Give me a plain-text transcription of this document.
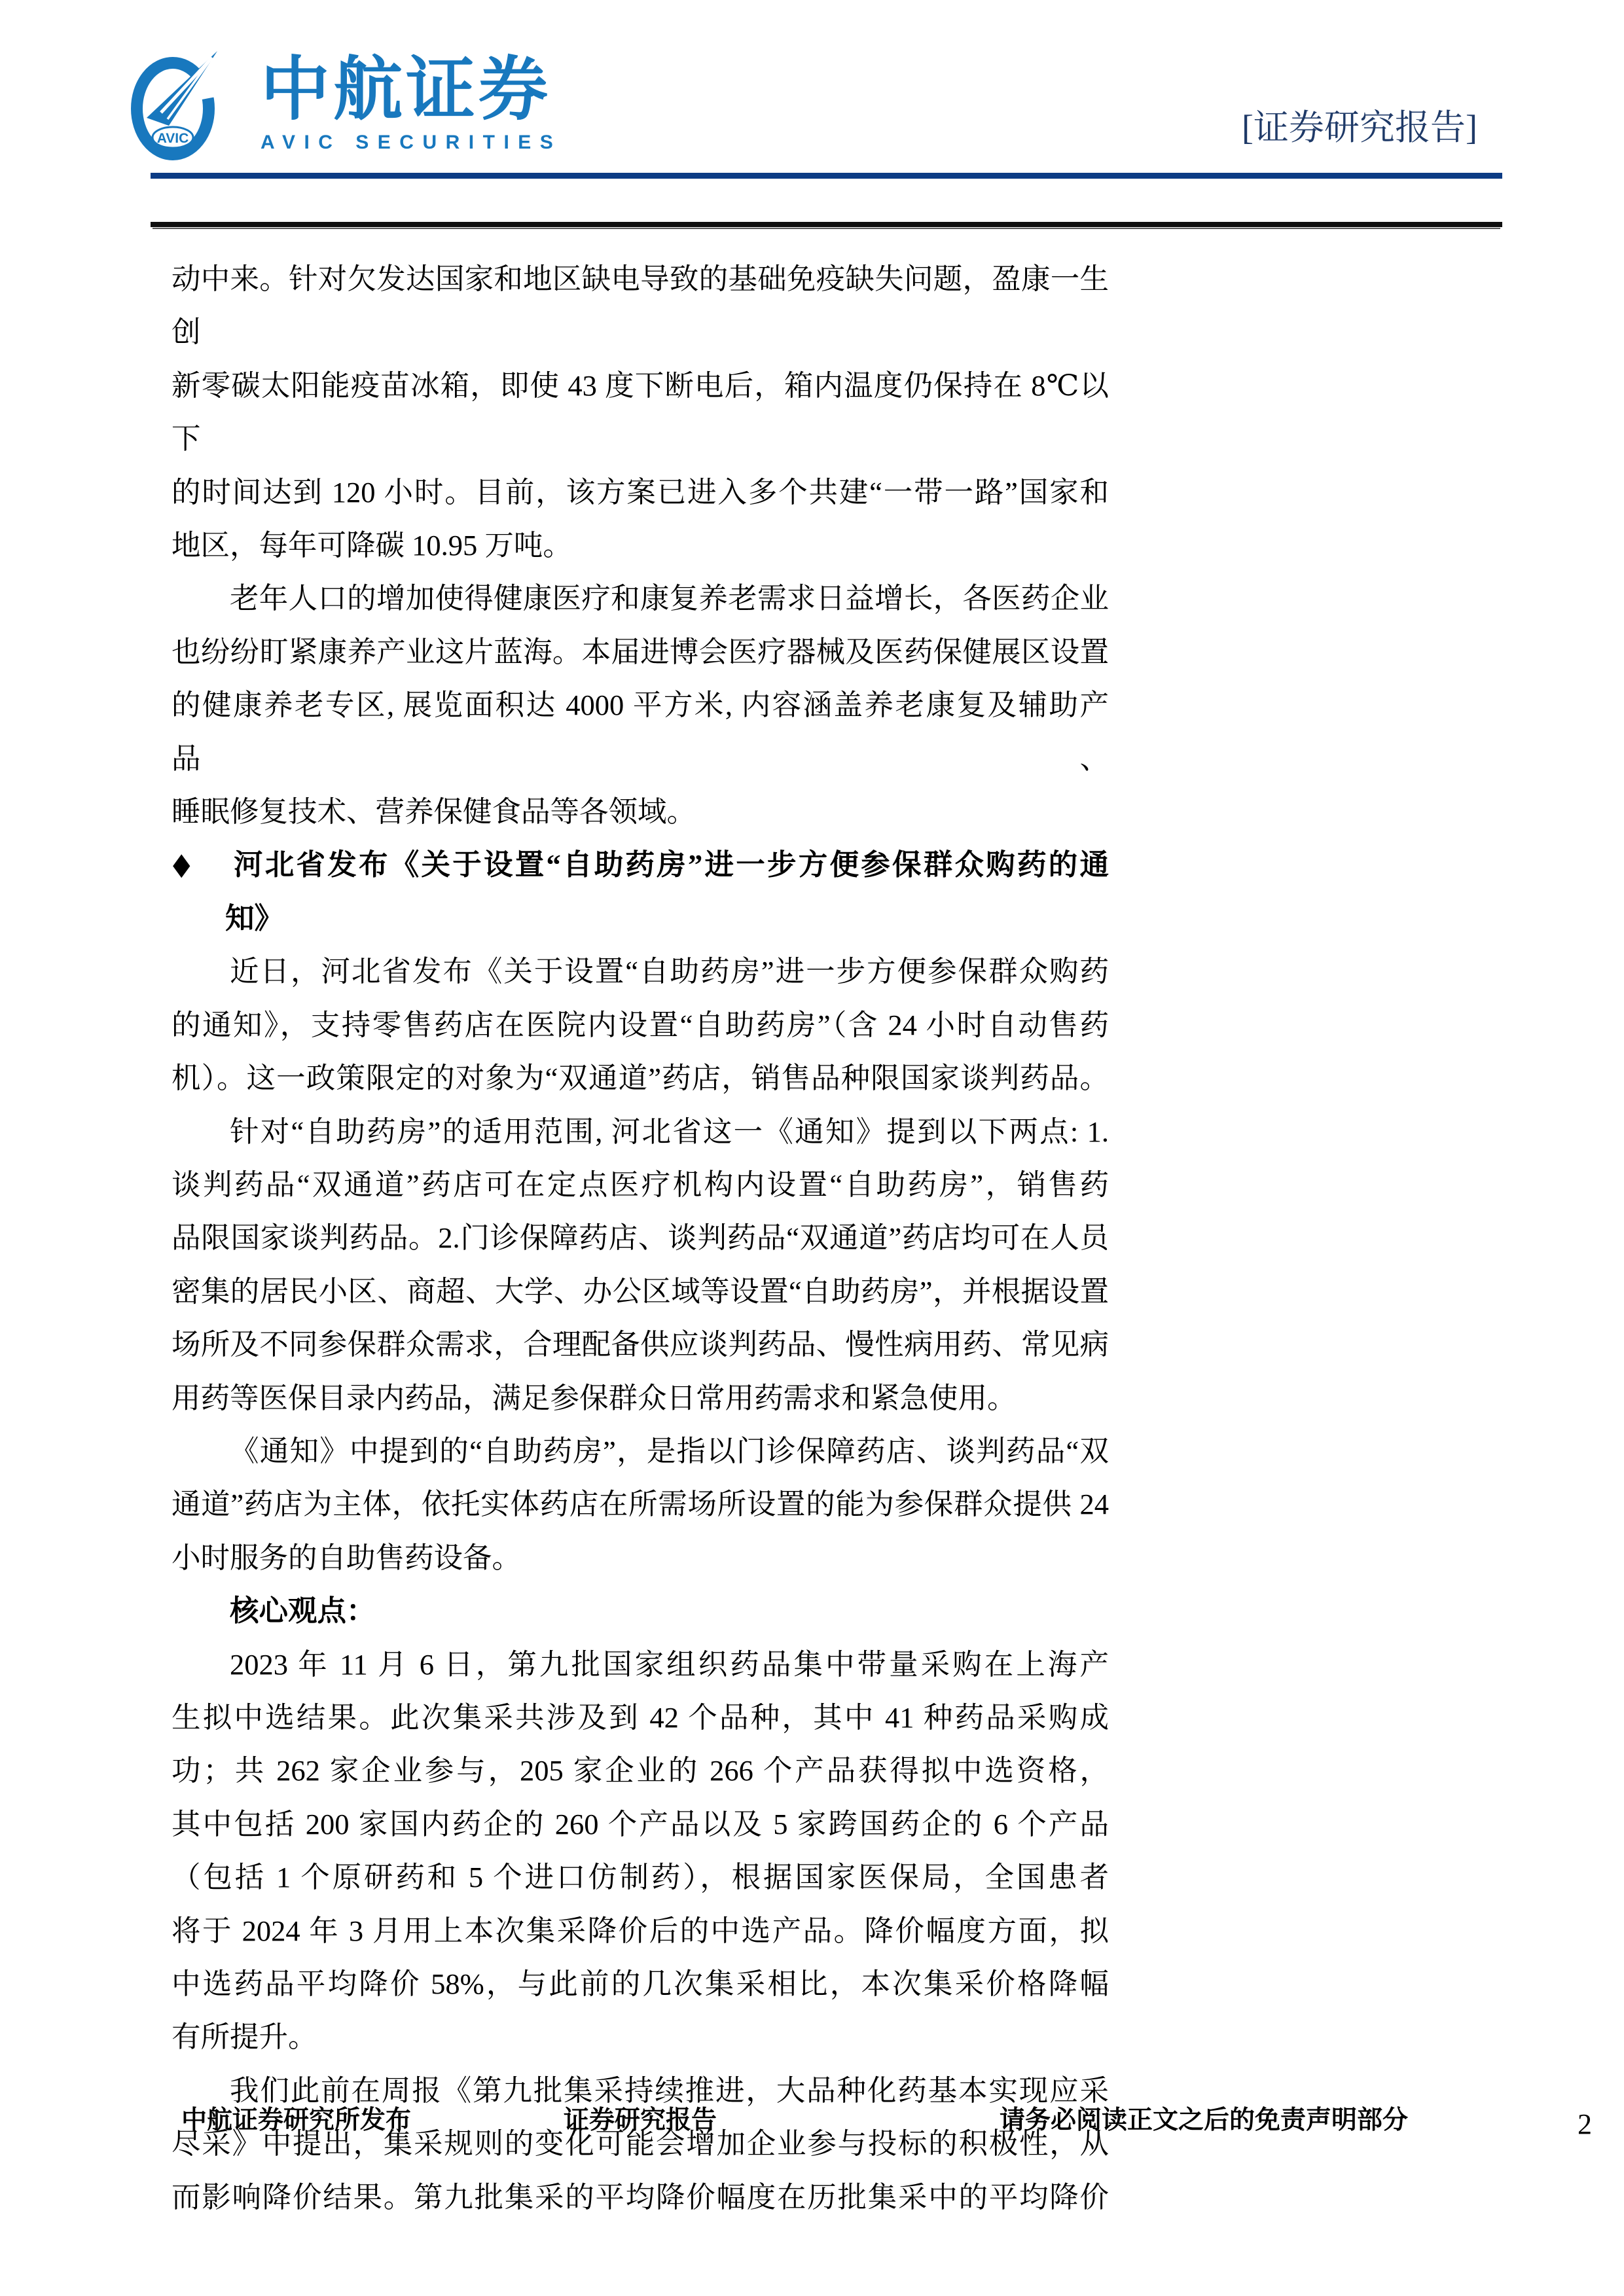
AVIC
中航证券
AVIC SECURITIES	[证券研究报告]
动中来。针对欠发达国家和地区缺电导致的基础免疫缺失问题，盈康一生创
新零碳太阳能疫苗冰箱，即使 43 度下断电后，箱内温度仍保持在 8℃以下
的时间达到 120 小时。目前，该方案已进入多个共建“一带一路”国家和
地区，每年可降碳 10.95 万吨。
老年人口的增加使得健康医疗和康复养老需求日益增长，各医药企业
也纷纷盯紧康养产业这片蓝海。本届进博会医疗器械及医药保健展区设置
的健康养老专区, 展览面积达 4000 平方米, 内容涵盖养老康复及辅助产品、
睡眠修复技术、营养保健食品等各领域。
◆ 河北省发布《关于设置“自助药房”进一步方便参保群众购药的通
知》
近日，河北省发布《关于设置“自助药房”进一步方便参保群众购药
的通知》，支持零售药店在医院内设置“自助药房”（含 24 小时自动售药
机）。这一政策限定的对象为“双通道”药店，销售品种限国家谈判药品。
针对“自助药房”的适用范围, 河北省这一《通知》提到以下两点: 1.
谈判药品“双通道”药店可在定点医疗机构内设置“自助药房”，销售药
品限国家谈判药品。2.门诊保障药店、谈判药品“双通道”药店均可在人员
密集的居民小区、商超、大学、办公区域等设置“自助药房”，并根据设置
场所及不同参保群众需求，合理配备供应谈判药品、慢性病用药、常见病
用药等医保目录内药品，满足参保群众日常用药需求和紧急使用。
《通知》中提到的“自助药房”，是指以门诊保障药店、谈判药品“双
通道”药店为主体，依托实体药店在所需场所设置的能为参保群众提供 24
小时服务的自助售药设备。
核心观点：
2023 年 11 月 6 日，第九批国家组织药品集中带量采购在上海产
生拟中选结果。此次集采共涉及到 42 个品种，其中 41 种药品采购成
功；共 262 家企业参与，205 家企业的 266 个产品获得拟中选资格，
其中包括 200 家国内药企的 260 个产品以及 5 家跨国药企的 6 个产品
（包括 1 个原研药和 5 个进口仿制药），根据国家医保局，全国患者
将于 2024 年 3 月用上本次集采降价后的中选产品。降价幅度方面，拟
中选药品平均降价 58%，与此前的几次集采相比，本次集采价格降幅
有所提升。
我们此前在周报《第九批集采持续推进，大品种化药基本实现应采
尽采》中提出，集采规则的变化可能会增加企业参与投标的积极性，从
而影响降价结果。第九批集采的平均降价幅度在历批集采中的平均降价
中航证券研究所发布	证券研究报告	请务必阅读正文之后的免责声明部分	2
